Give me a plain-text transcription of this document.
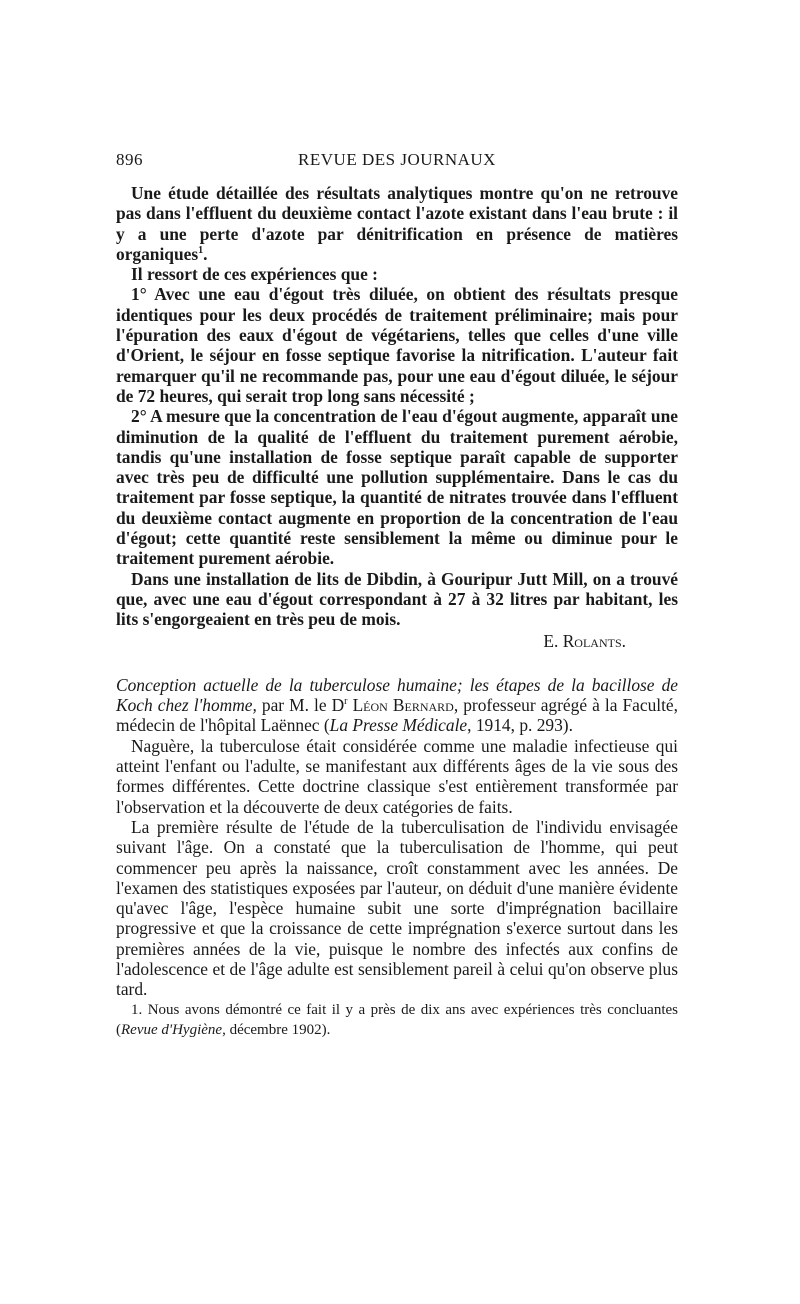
896	REVUE DES JOURNAUX

Une étude détaillée des résultats analytiques montre qu'on ne retrouve pas dans l'effluent du deuxième contact l'azote existant dans l'eau brute : il y a une perte d'azote par dénitrification en présence de matières organiques$^1$.

Il ressort de ces expériences que :

1° Avec une eau d'égout très diluée, on obtient des résultats presque identiques pour les deux procédés de traitement préliminaire; mais pour l'épuration des eaux d'égout de végétariens, telles que celles d'une ville d'Orient, le séjour en fosse septique favorise la nitrification. L'auteur fait remarquer qu'il ne recommande pas, pour une eau d'égout diluée, le séjour de 72 heures, qui serait trop long sans nécessité ;

2° A mesure que la concentration de l'eau d'égout augmente, apparaît une diminution de la qualité de l'effluent du traitement purement aérobie, tandis qu'une installation de fosse septique paraît capable de supporter avec très peu de difficulté une pollution supplémentaire. Dans le cas du traitement par fosse septique, la quantité de nitrates trouvée dans l'effluent du deuxième contact augmente en proportion de la concentration de l'eau d'égout; cette quantité reste sensiblement la même ou diminue pour le traitement purement aérobie.

Dans une installation de lits de Dibdin, à Gouripur Jutt Mill, on a trouvé que, avec une eau d'égout correspondant à 27 à 32 litres par habitant, les lits s'engorgeaient en très peu de mois.

E. Rolants.

Conception actuelle de la tuberculose humaine; les étapes de la bacillose de Koch chez l'homme, par M. le $D^r$ Léon Bernard, professeur agrégé à la Faculté, médecin de l'hôpital Laënnec (La Presse Médicale, 1914, p. 293).

Naguère, la tuberculose était considérée comme une maladie infectieuse qui atteint l'enfant ou l'adulte, se manifestant aux différents âges de la vie sous des formes différentes. Cette doctrine classique s'est entièrement transformée par l'observation et la découverte de deux catégories de faits.

La première résulte de l'étude de la tuberculisation de l'individu envisagée suivant l'âge. On a constaté que la tuberculisation de l'homme, qui peut commencer peu après la naissance, croît constamment avec les années. De l'examen des statistiques exposées par l'auteur, on déduit d'une manière évidente qu'avec l'âge, l'espèce humaine subit une sorte d'imprégnation bacillaire progressive et que la croissance de cette imprégnation s'exerce surtout dans les premières années de la vie, puisque le nombre des infectés aux confins de l'adolescence et de l'âge adulte est sensiblement pareil à celui qu'on observe plus tard.

1. Nous avons démontré ce fait il y a près de dix ans avec expériences très concluantes (Revue d'Hygiène, décembre 1902).
